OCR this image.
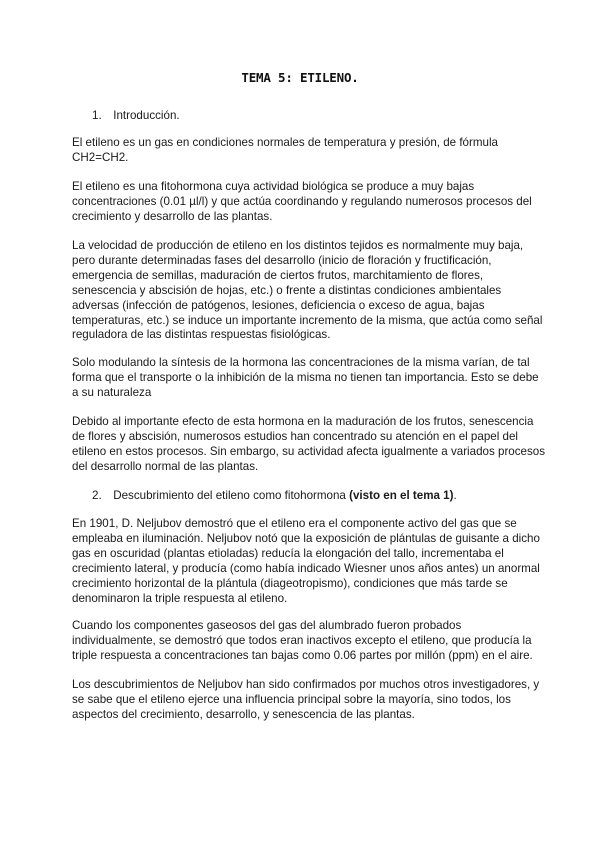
TEMA 5: ETILENO.
1. Introducción.
El etileno es un gas en condiciones normales de temperatura y presión, de fórmula
CH2=CH2.
El etileno es una fitohormona cuya actividad biológica se produce a muy bajas
concentraciones (0.01 µl/l) y que actúa coordinando y regulando numerosos procesos del
crecimiento y desarrollo de las plantas.
La velocidad de producción de etileno en los distintos tejidos es normalmente muy baja,
pero durante determinadas fases del desarrollo (inicio de floración y fructificación,
emergencia de semillas, maduración de ciertos frutos, marchitamiento de flores,
senescencia y abscisión de hojas, etc.) o frente a distintas condiciones ambientales
adversas (infección de patógenos, lesiones, deficiencia o exceso de agua, bajas
temperaturas, etc.) se induce un importante incremento de la misma, que actúa como señal
reguladora de las distintas respuestas fisiológicas.
Solo modulando la síntesis de la hormona las concentraciones de la misma varían, de tal
forma que el transporte o la inhibición de la misma no tienen tan importancia. Esto se debe
a su naturaleza
Debido al importante efecto de esta hormona en la maduración de los frutos, senescencia
de flores y abscisión, numerosos estudios han concentrado su atención en el papel del
etileno en estos procesos. Sin embargo, su actividad afecta igualmente a variados procesos
del desarrollo normal de las plantas.
2. Descubrimiento del etileno como fitohormona (visto en el tema 1).
En 1901, D. Neljubov demostró que el etileno era el componente activo del gas que se
empleaba en iluminación. Neljubov notó que la exposición de plántulas de guisante a dicho
gas en oscuridad (plantas etioladas) reducía la elongación del tallo, incrementaba el
crecimiento lateral, y producía (como había indicado Wiesner unos años antes) un anormal
crecimiento horizontal de la plántula (diageotropismo), condiciones que más tarde se
denominaron la triple respuesta al etileno.
Cuando los componentes gaseosos del gas del alumbrado fueron probados
individualmente, se demostró que todos eran inactivos excepto el etileno, que producía la
triple respuesta a concentraciones tan bajas como 0.06 partes por millón (ppm) en el aire.
Los descubrimientos de Neljubov han sido confirmados por muchos otros investigadores, y
se sabe que el etileno ejerce una influencia principal sobre la mayoría, sino todos, los
aspectos del crecimiento, desarrollo, y senescencia de las plantas.
